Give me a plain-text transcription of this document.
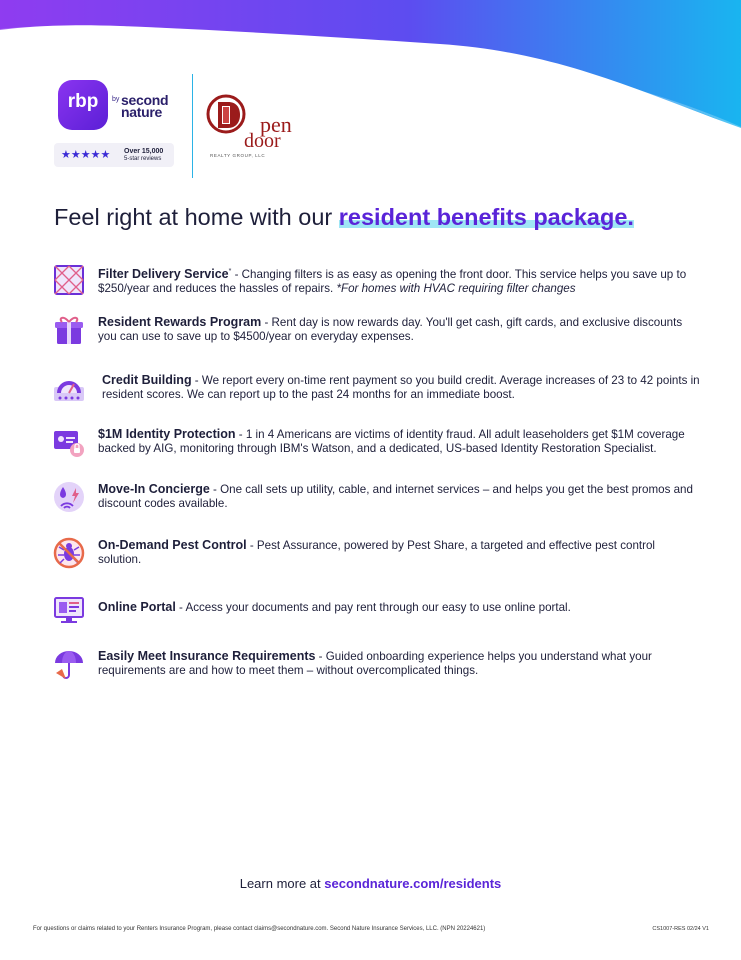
rbp	by second nature
★★★★★ Over 15,000
5-star reviews
pen
door
REALTY GROUP, LLC
Feel right at home with our resident benefits package.
Filter Delivery Service* - Changing filters is as easy as opening the front door. This service helps you save up to $250/year and reduces the hassles of repairs. *For homes with HVAC requiring filter changes
Resident Rewards Program - Rent day is now rewards day. You'll get cash, gift cards, and exclusive discounts you can use to save up to $4500/year on everyday expenses.
Credit Building - We report every on-time rent payment so you build credit. Average increases of 23 to 42 points in resident scores. We can report up to the past 24 months for an immediate boost.
$1M Identity Protection - 1 in 4 Americans are victims of identity fraud. All adult leaseholders get $1M coverage backed by AIG, monitoring through IBM's Watson, and a dedicated, US-based Identity Restoration Specialist.
Move-In Concierge - One call sets up utility, cable, and internet services – and helps you get the best promos and discount codes available.
On-Demand Pest Control - Pest Assurance, powered by Pest Share, a targeted and effective pest control solution.
Online Portal - Access your documents and pay rent through our easy to use online portal.
Easily Meet Insurance Requirements - Guided onboarding experience helps you understand what your requirements are and how to meet them – without overcomplicated things.
Learn more at secondnature.com/residents
For questions or claims related to your Renters Insurance Program, please contact claims@secondnature.com. Second Nature Insurance Services, LLC. (NPN 20224621)	CS1007-RES 02/24 V1
